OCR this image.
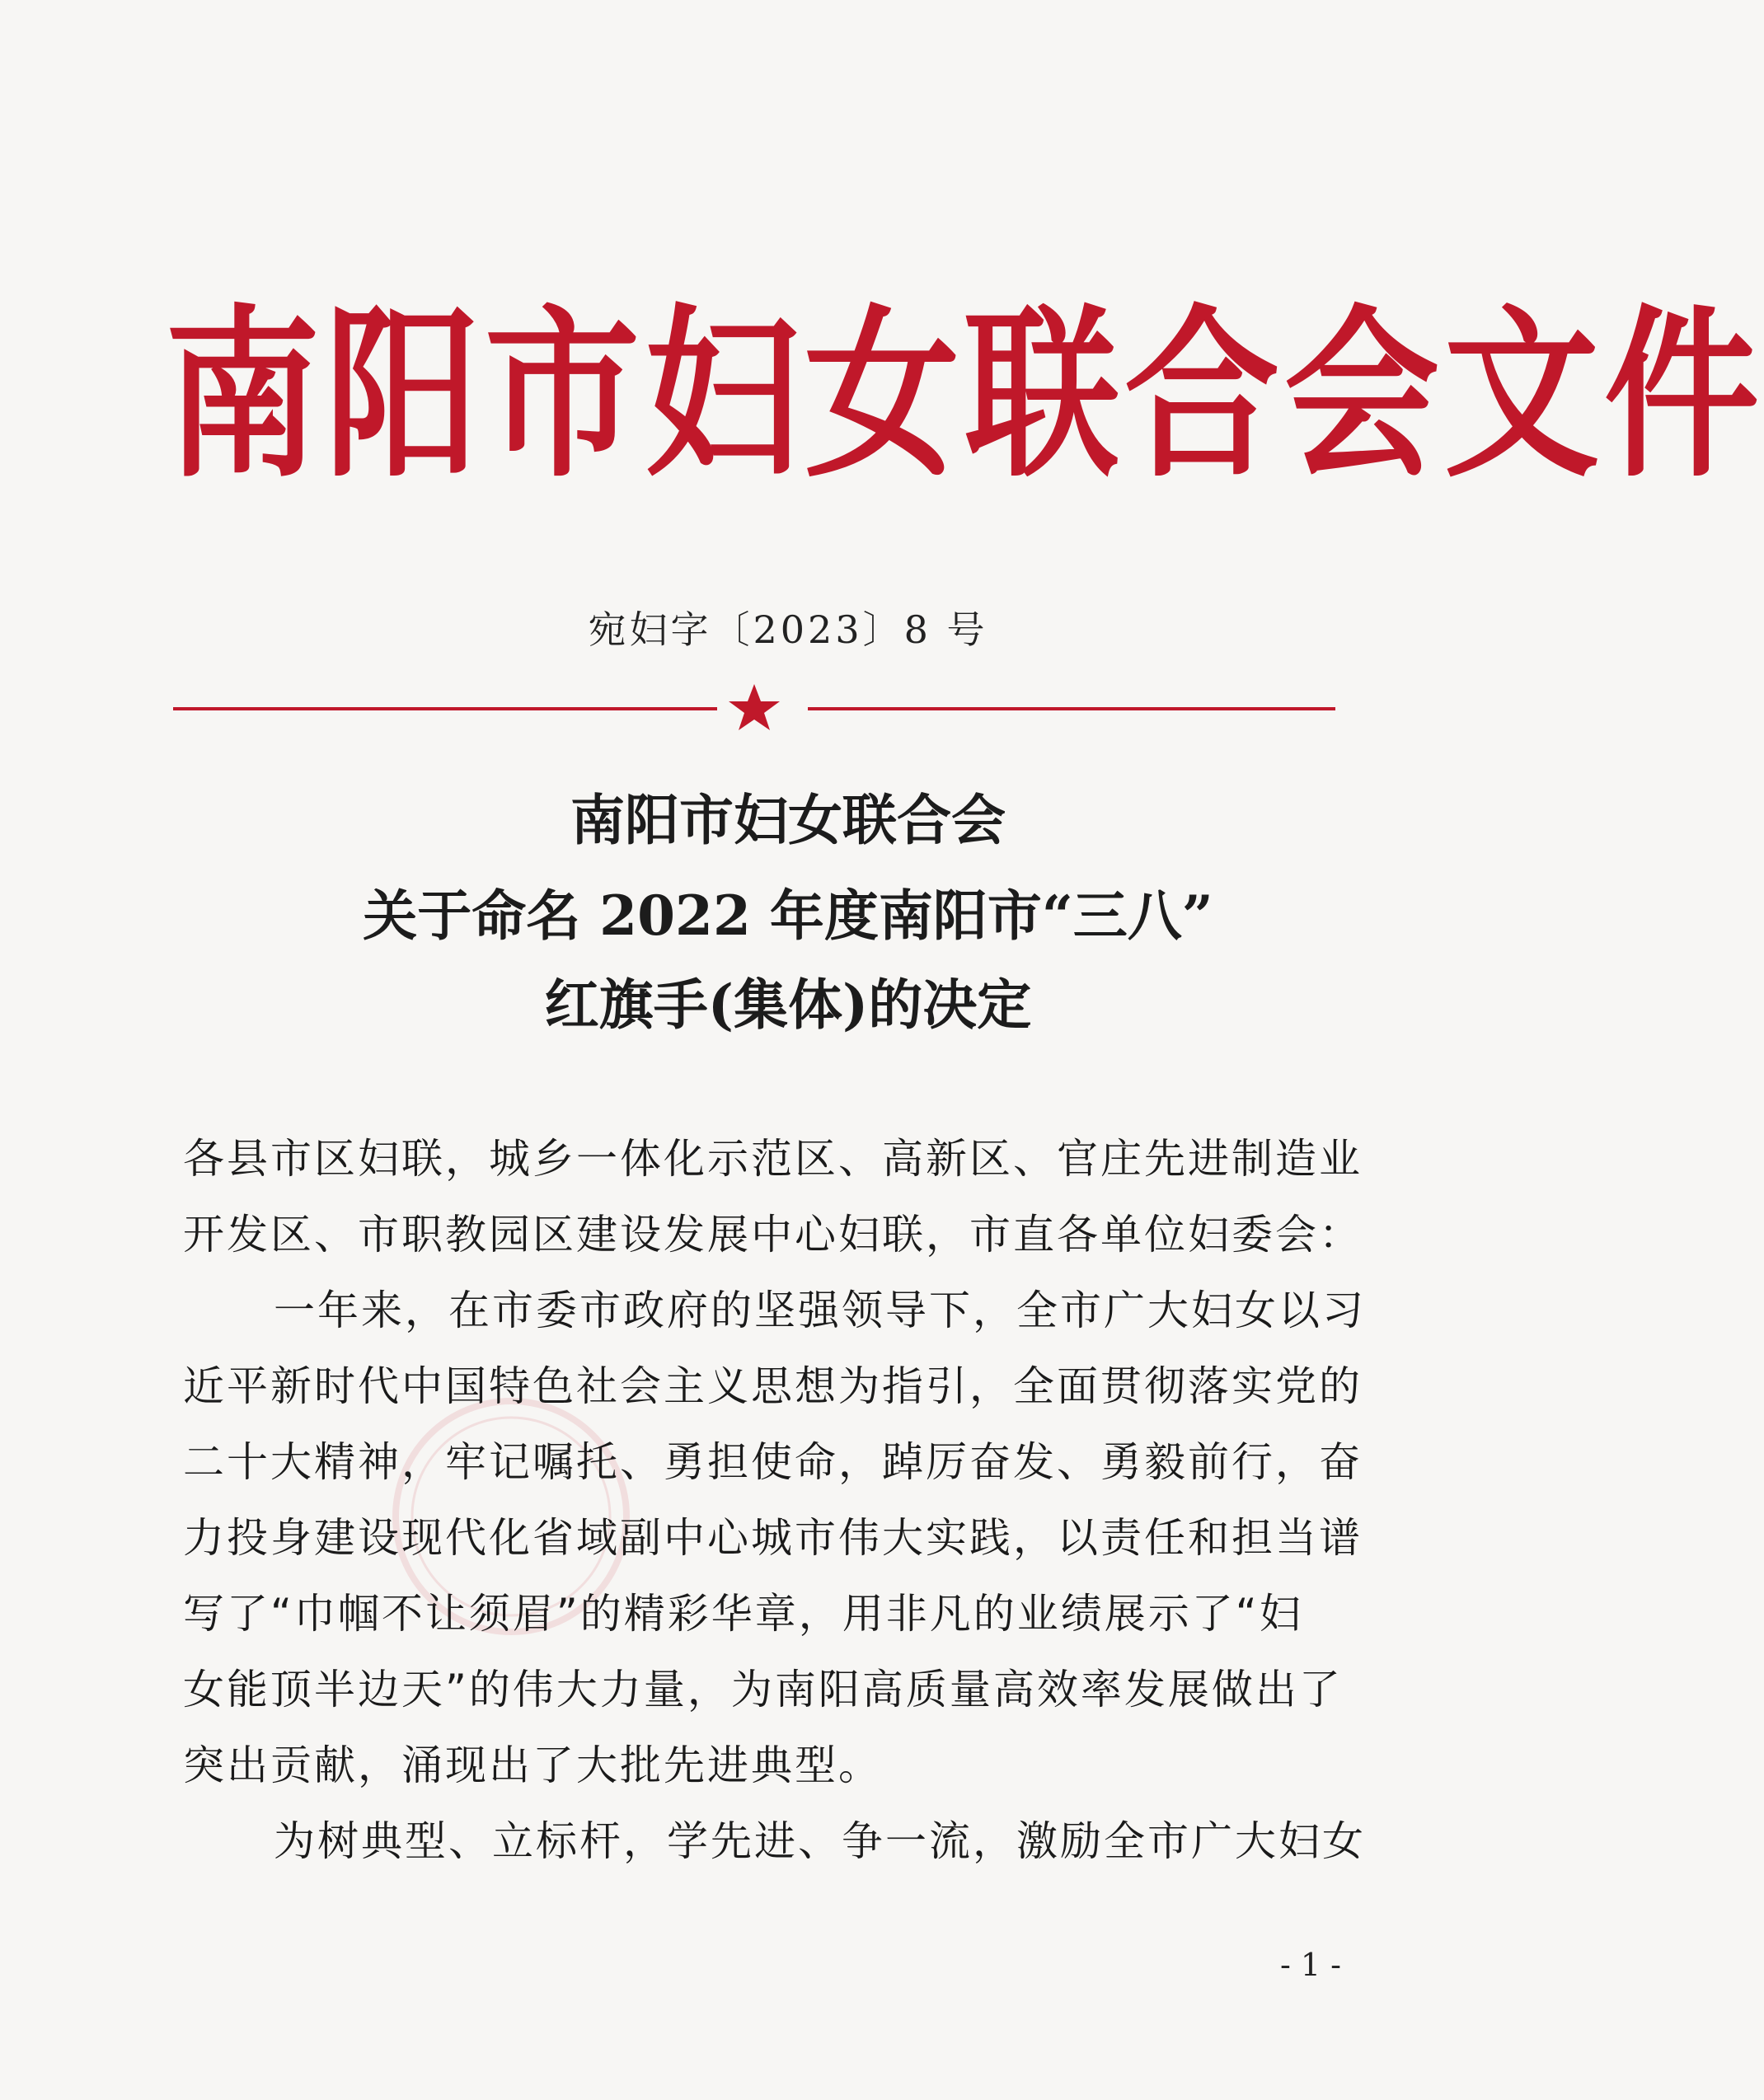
南阳市妇女联合会文件
宛妇字〔2023〕8 号
南阳市妇女联合会
关于命名 2022 年度南阳市“三八”
红旗手(集体)的决定
各县市区妇联，城乡一体化示范区、高新区、官庄先进制造业
开发区、市职教园区建设发展中心妇联，市直各单位妇委会：
一年来，在市委市政府的坚强领导下，全市广大妇女以习
近平新时代中国特色社会主义思想为指引，全面贯彻落实党的
二十大精神，牢记嘱托、勇担使命，踔厉奋发、勇毅前行，奋
力投身建设现代化省域副中心城市伟大实践，以责任和担当谱
写了“巾帼不让须眉”的精彩华章，用非凡的业绩展示了“妇
女能顶半边天”的伟大力量，为南阳高质量高效率发展做出了
突出贡献，涌现出了大批先进典型。
为树典型、立标杆，学先进、争一流，激励全市广大妇女
- 1 -
